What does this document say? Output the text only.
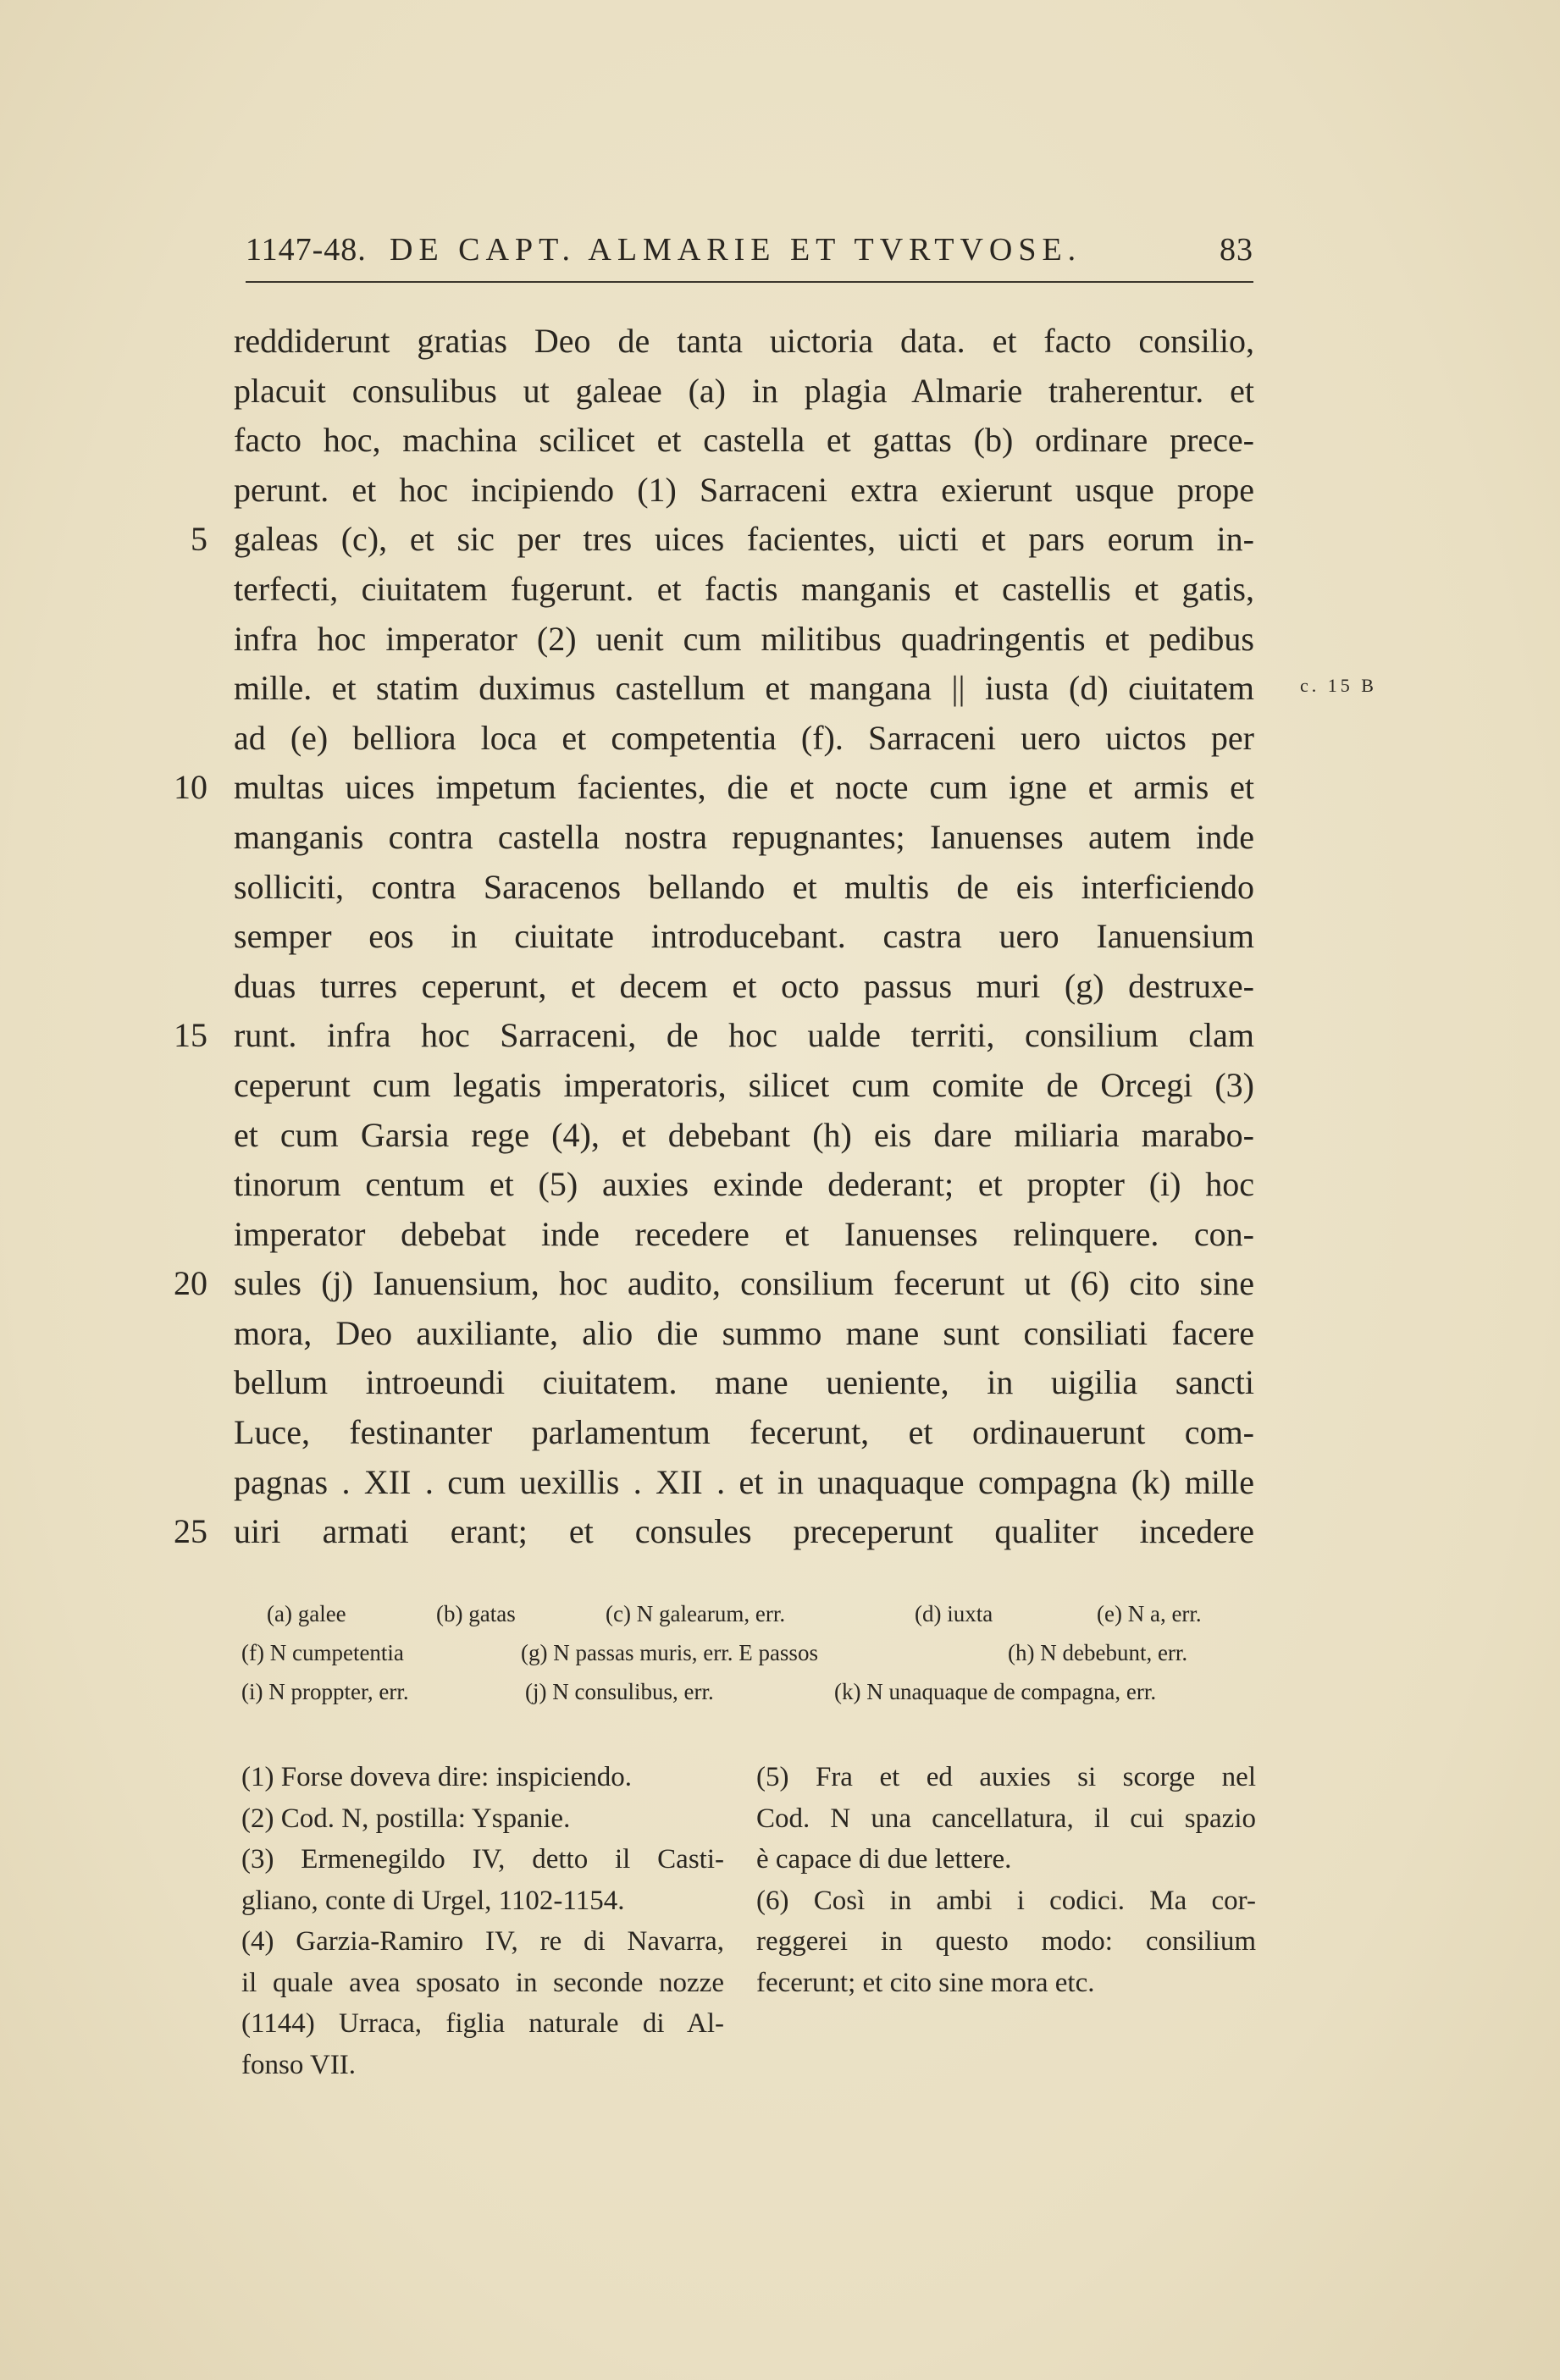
1147-48. DE CAPT. ALMARIE ET TVRTVOSE.	83
5
10
15
20
25
c. 15 B
reddiderunt gratias Deo de tanta uictoria data. et facto consilio,
placuit consulibus ut galeae (a) in plagia Almarie traherentur. et
facto hoc, machina scilicet et castella et gattas (b) ordinare prece-
perunt. et hoc incipiendo (1) Sarraceni extra exierunt usque prope
galeas (c), et sic per tres uices facientes, uicti et pars eorum in-
terfecti, ciuitatem fugerunt. et factis manganis et castellis et gatis,
infra hoc imperator (2) uenit cum militibus quadringentis et pedibus
mille. et statim duximus castellum et mangana || iusta (d) ciuitatem
ad (e) belliora loca et competentia (f). Sarraceni uero uictos per
multas uices impetum facientes, die et nocte cum igne et armis et
manganis contra castella nostra repugnantes; Ianuenses autem inde
solliciti, contra Saracenos bellando et multis de eis interficiendo
semper eos in ciuitate introducebant. castra uero Ianuensium
duas turres ceperunt, et decem et octo passus muri (g) destruxe-
runt. infra hoc Sarraceni, de hoc ualde territi, consilium clam
ceperunt cum legatis imperatoris, silicet cum comite de Orcegi (3)
et cum Garsia rege (4), et debebant (h) eis dare miliaria marabo-
tinorum centum et (5) auxies exinde dederant; et propter (i) hoc
imperator debebat inde recedere et Ianuenses relinquere. con-
sules (j) Ianuensium, hoc audito, consilium fecerunt ut (6) cito sine
mora, Deo auxiliante, alio die summo mane sunt consiliati facere
bellum introeundi ciuitatem. mane ueniente, in uigilia sancti
Luce, festinanter parlamentum fecerunt, et ordinauerunt com-
pagnas . XII . cum uexillis . XII . et in unaquaque compagna (k) mille
uiri armati erant; et consules preceperunt qualiter incedere
(a) galee	(b) gatas	(c) N galearum, err.	(d) iuxta	(e) N a, err.
(f) N cumpetentia	(g) N passas muris, err. E passos	(h) N debebunt, err.
(i) N proppter, err.	(j) N consulibus, err.	(k) N unaquaque de compagna, err.

(1) Forse doveva dire: inspiciendo.

(2) Cod. N, postilla: Yspanie.

(3) Ermenegildo IV, detto il Casti-

gliano, conte di Urgel, 1102-1154.

(4) Garzia-Ramiro IV, re di Navarra,

il quale avea sposato in seconde nozze

(1144) Urraca, figlia naturale di Al-

fonso VII.

(5) Fra et ed auxies si scorge nel

Cod. N una cancellatura, il cui spazio

è capace di due lettere.

(6) Così in ambi i codici. Ma cor-

reggerei in questo modo: consilium

fecerunt; et cito sine mora etc.
